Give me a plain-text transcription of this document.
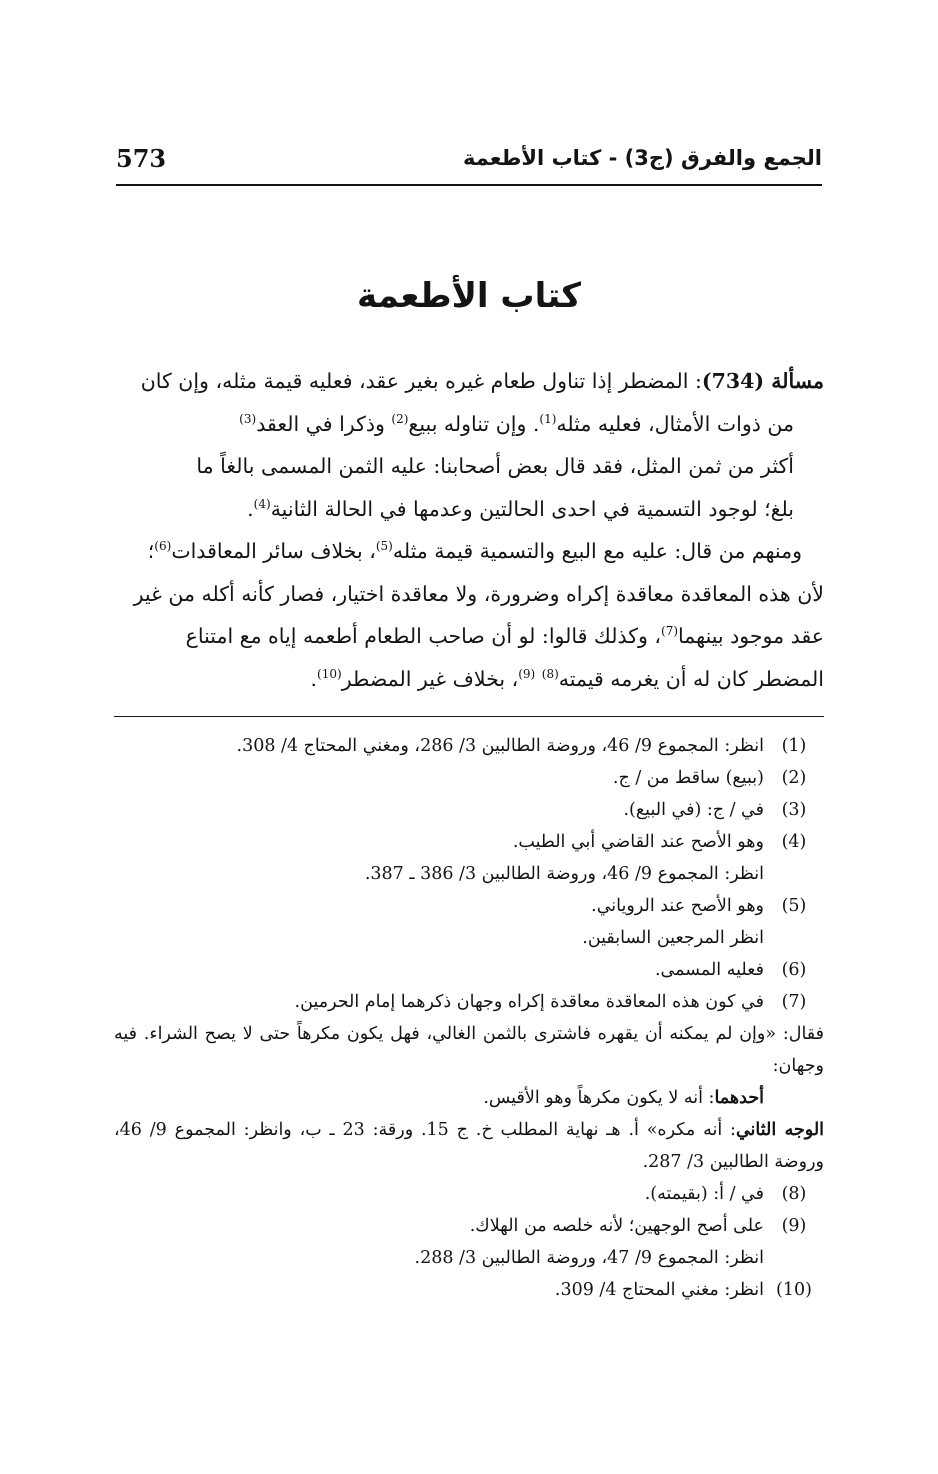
الجمع والفرق (ج3) - كتاب الأطعمة
573
كتاب الأطعمة

مسألة (734): المضطر إذا تناول طعام غيره بغير عقد، فعليه قيمة مثله، وإن كان
من ذوات الأمثال، فعليه مثله$^{(1)}$. وإن تناوله ببيع$^{(2)}$ وذكرا في العقد$^{(3)}$
أكثر من ثمن المثل، فقد قال بعض أصحابنا: عليه الثمن المسمى بالغاً ما
بلغ؛ لوجود التسمية في احدى الحالتين وعدمها في الحالة الثانية$^{(4)}$.

ومنهم من قال: عليه مع البيع والتسمية قيمة مثله$^{(5)}$، بخلاف سائر المعاقدات$^{(6)}$؛
لأن هذه المعاقدة معاقدة إكراه وضرورة، ولا معاقدة اختيار، فصار كأنه أكله من غير
عقد موجود بينهما$^{(7)}$، وكذلك قالوا: لو أن صاحب الطعام أطعمه إياه مع امتناع
المضطر كان له أن يغرمه قيمته$^{(8)}$ $^{(9)}$، بخلاف غير المضطر$^{(10)}$.

(1)
انظر: المجموع 9/ 46، وروضة الطالبين 3/ 286، ومغني المحتاج 4/ 308.
(2)
(ببيع) ساقط من / ج.
(3)
في / ج: (في البيع).
(4)
وهو الأصح عند القاضي أبي الطيب.
انظر: المجموع 9/ 46، وروضة الطالبين 3/ 386 ـ 387.
(5)
وهو الأصح عند الروياني.
انظر المرجعين السابقين.
(6)
فعليه المسمى.
(7)
في كون هذه المعاقدة معاقدة إكراه وجهان ذكرهما إمام الحرمين.
فقال: «وإن لم يمكنه أن يقهره فاشترى بالثمن الغالي، فهل يكون مكرهاً حتى لا يصح الشراء. فيه وجهان:
أحدهما: أنه لا يكون مكرهاً وهو الأقيس.
الوجه الثاني: أنه مكره» أ. هـ نهاية المطلب خ. ج 15. ورقة: 23 ـ ب، وانظر: المجموع 9/ 46، وروضة الطالبين 3/ 287.
(8)
في / أ: (بقيمته).
(9)
على أصح الوجهين؛ لأنه خلصه من الهلاك.
انظر: المجموع 9/ 47، وروضة الطالبين 3/ 288.
(10)
انظر: مغني المحتاج 4/ 309.
